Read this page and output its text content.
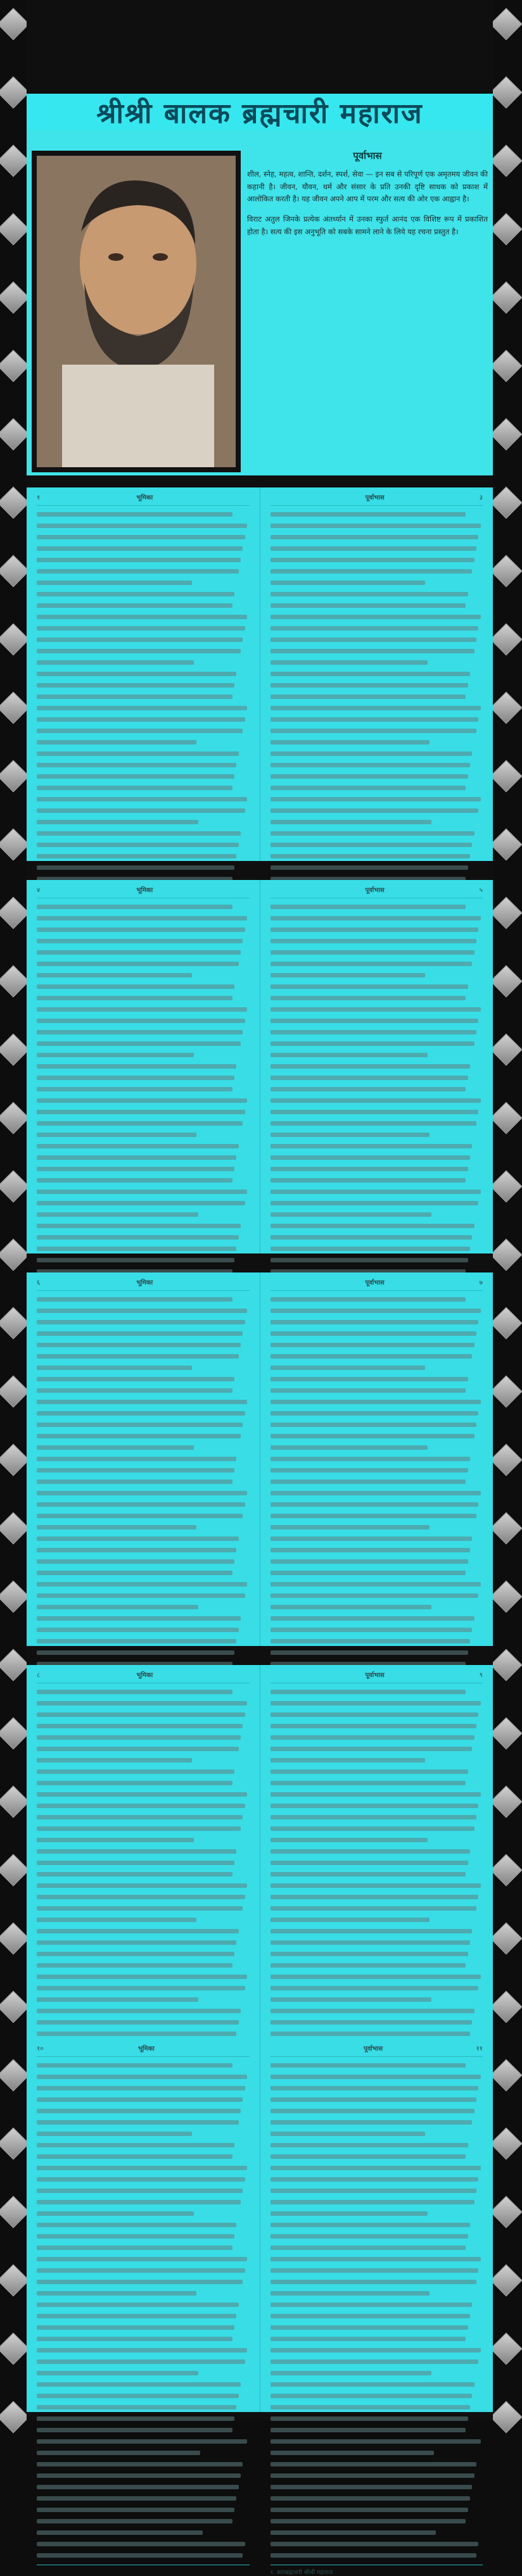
श्रीश्री बालक ब्रह्मचारी महाराज
पूर्वाभास

शील, स्नेह, महत्व, शान्ति, दर्शन, स्पर्श, सेवा — इन सब से परिपूर्ण एक अमृतमय जीवन की कहानी है। जीवन, यौवन, धर्म और संसार के प्रति उनकी दृष्टि साधक को प्रकाश में आलोकित करती है। यह जीवन अपने आप में परम और सत्य की ओर एक आह्वान है।

विराट अतुल जिनके प्रत्येक अंतर्ध्यान में उनका स्फुर्त आनंद एक विशिष्ट रूप में प्रकाशित होता है। सत्य की इस अनुभूति को सबके सामने लाने के लिये यह रचना प्रस्तुत है।

१	भूमिका	पूर्वाभास	३
४	भूमिका	पूर्वाभास	५
६	भूमिका	पूर्वाभास	७
८	भूमिका	पूर्वाभास	९
१०	भूमिका	पूर्वाभास	११
१. बालब्रह्मचारी श्रीश्री महाराज
